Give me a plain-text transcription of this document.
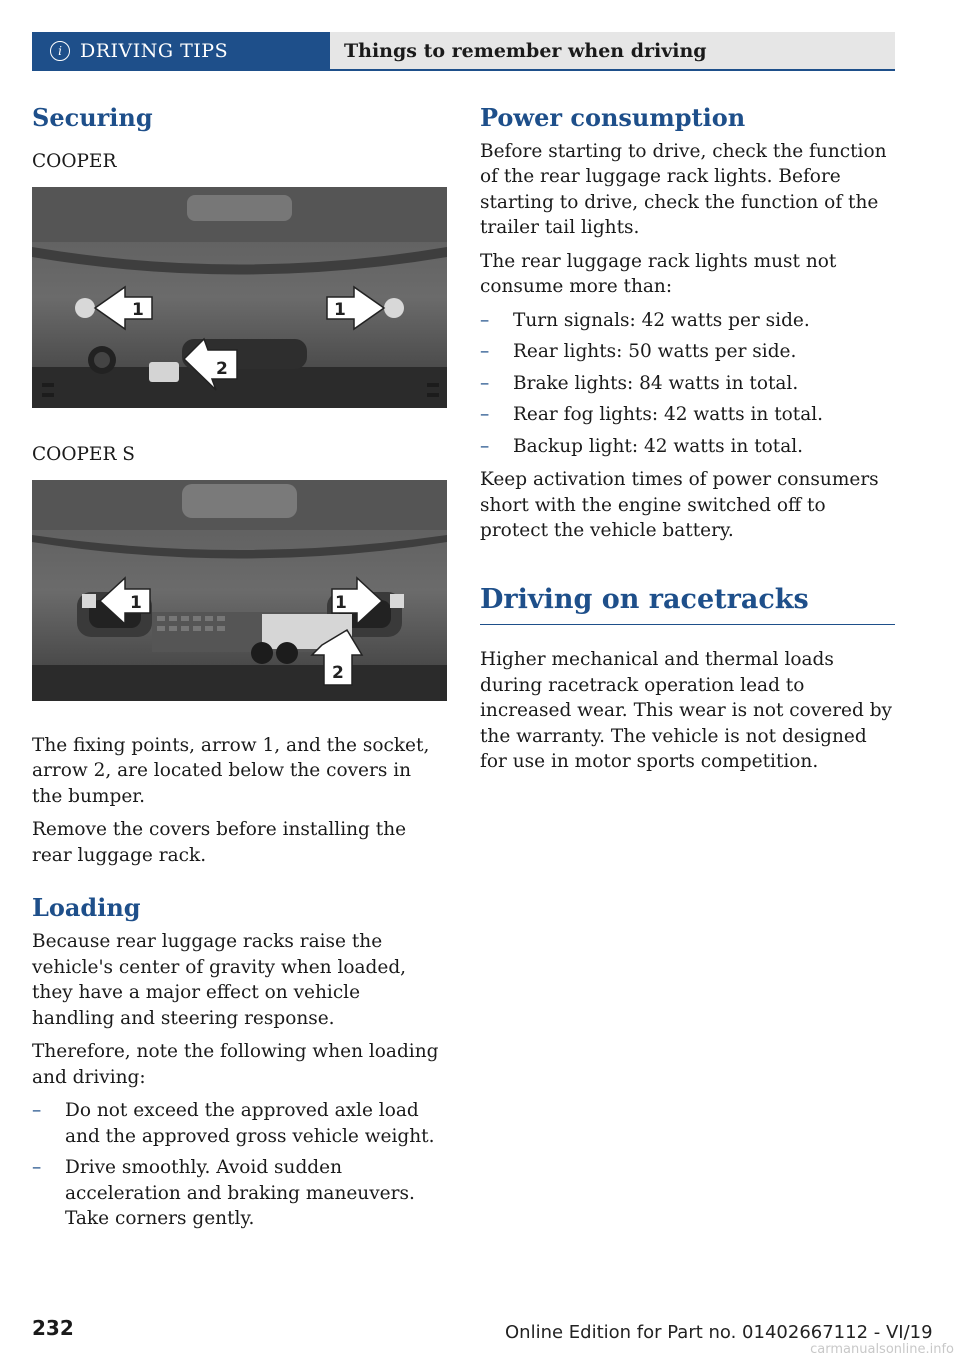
i DRIVING TIPS	Things to remember when driving
Securing
COOPER
1	1
2
COOPER S
1	1
2

The fixing points, arrow 1, and the socket, arrow 2, are located below the covers in the bumper.

Remove the covers before installing the rear luggage rack.

Loading

Because rear luggage racks raise the vehicle's center of gravity when loaded, they have a major effect on vehicle handling and steering response.

Therefore, note the following when loading and driving:

– Do not exceed the approved axle load and the approved gross vehicle weight.
– Drive smoothly. Avoid sudden acceleration and braking maneuvers. Take corners gently.
Power consumption

Before starting to drive, check the function of the rear luggage rack lights. Before starting to drive, check the function of the trailer tail lights.

The rear luggage rack lights must not consume more than:

– Turn signals: 42 watts per side.
– Rear lights: 50 watts per side.
– Brake lights: 84 watts in total.
– Rear fog lights: 42 watts in total.
– Backup light: 42 watts in total.

Keep activation times of power consumers short with the engine switched off to protect the vehicle battery.

Driving on racetracks

Higher mechanical and thermal loads during racetrack operation lead to increased wear. This wear is not covered by the warranty. The vehicle is not designed for use in motor sports competition.

232	Online Edition for Part no. 01402667112 - VI/19
carmanualsonline.info
